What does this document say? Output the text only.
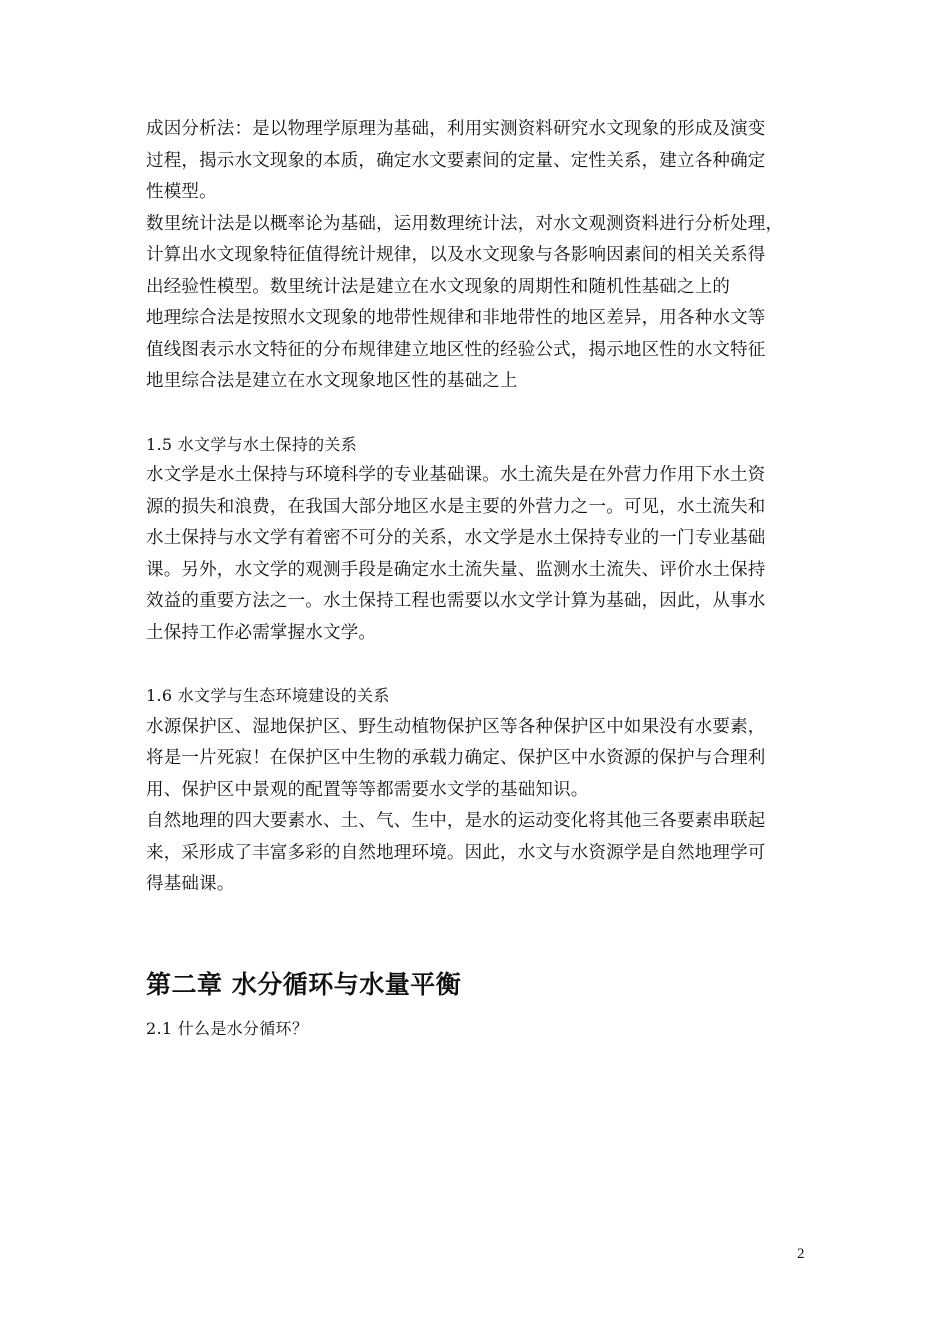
成因分析法：是以物理学原理为基础，利用实测资料研究水文现象的形成及演变
过程，揭示水文现象的本质，确定水文要素间的定量、定性关系，建立各种确定
性模型。

数里统计法是以概率论为基础，运用数理统计法，对水文观测资料进行分析处理，
计算出水文现象特征值得统计规律，以及水文现象与各影响因素间的相关关系得
出经验性模型。数里统计法是建立在水文现象的周期性和随机性基础之上的

地理综合法是按照水文现象的地带性规律和非地带性的地区差异，用各种水文等
值线图表示水文特征的分布规律建立地区性的经验公式，揭示地区性的水文特征
地里综合法是建立在水文现象地区性的基础之上

1.5 水文学与水土保持的关系

水文学是水土保持与环境科学的专业基础课。水土流失是在外营力作用下水土资
源的损失和浪费，在我国大部分地区水是主要的外营力之一。可见，水土流失和
水土保持与水文学有着密不可分的关系，水文学是水土保持专业的一门专业基础
课。另外，水文学的观测手段是确定水土流失量、监测水土流失、评价水土保持
效益的重要方法之一。水土保持工程也需要以水文学计算为基础，因此，从事水
土保持工作必需掌握水文学。

1.6 水文学与生态环境建设的关系

水源保护区、湿地保护区、野生动植物保护区等各种保护区中如果没有水要素，
将是一片死寂！在保护区中生物的承载力确定、保护区中水资源的保护与合理利
用、保护区中景观的配置等等都需要水文学的基础知识。

自然地理的四大要素水、土、气、生中，是水的运动变化将其他三各要素串联起
来，采形成了丰富多彩的自然地理环境。因此，水文与水资源学是自然地理学可
得基础课。

第二章 水分循环与水量平衡

2.1 什么是水分循环？

2
